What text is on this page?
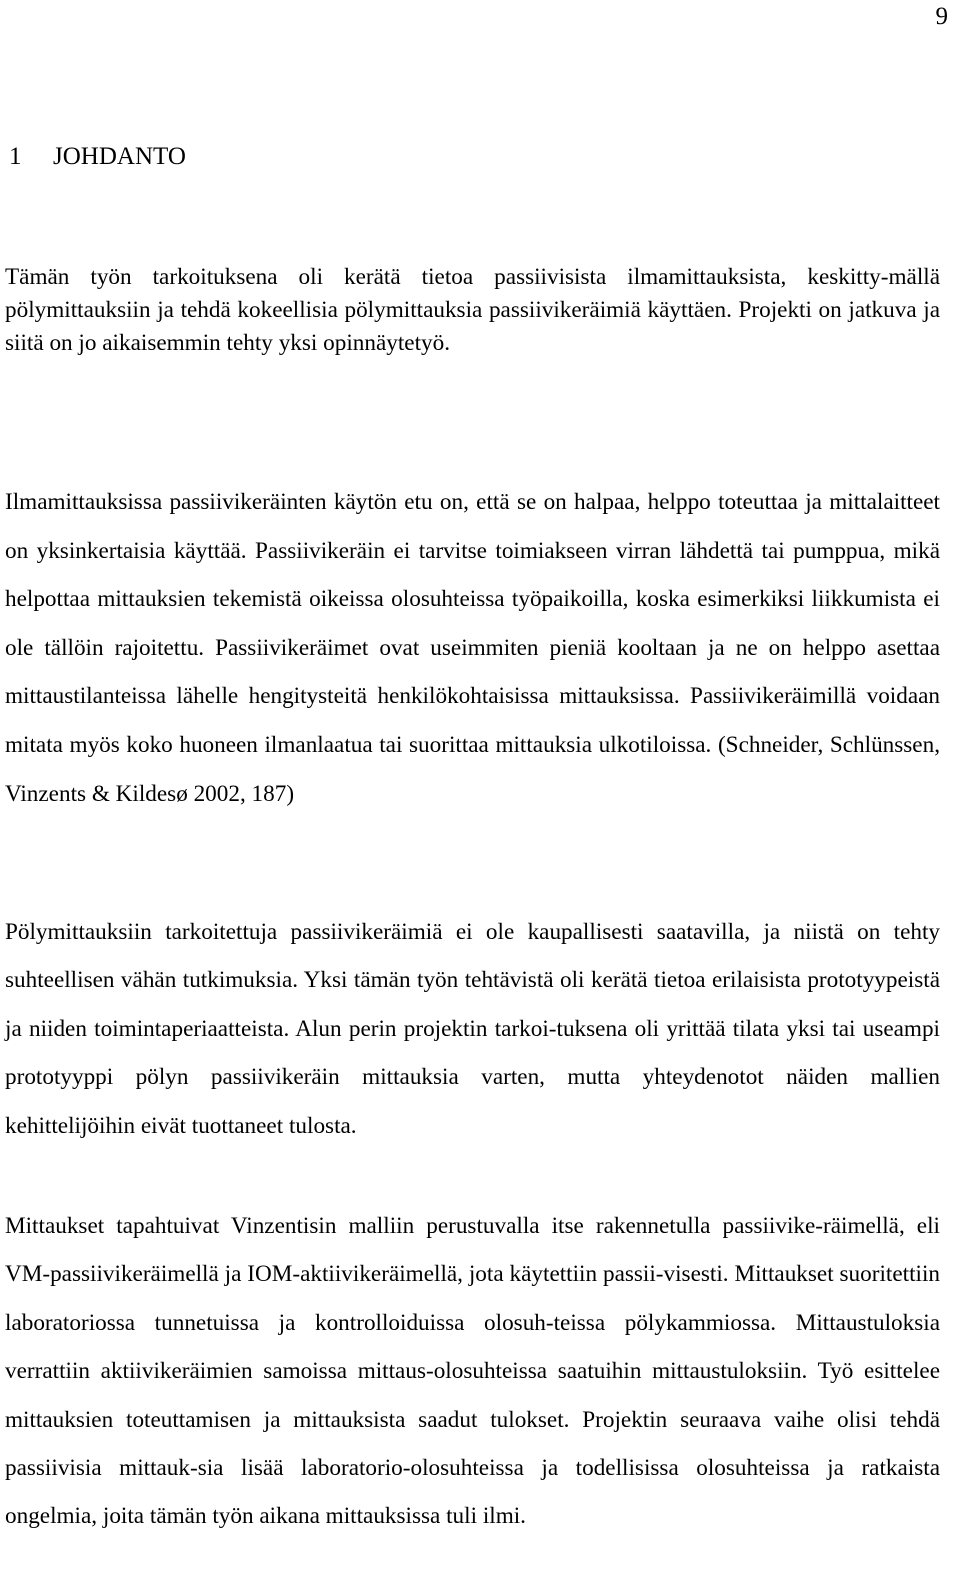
9
1 JOHDANTO

Tämän työn tarkoituksena oli kerätä tietoa passiivisista ilmamittauksista, keskitty-mällä pölymittauksiin ja tehdä kokeellisia pölymittauksia passiivikeräimiä käyttäen. Projekti on jatkuva ja siitä on jo aikaisemmin tehty yksi opinnäytetyö.

Ilmamittauksissa passiivikeräinten käytön etu on, että se on halpaa, helppo toteuttaa ja mittalaitteet on yksinkertaisia käyttää. Passiivikeräin ei tarvitse toimiakseen virran lähdettä tai pumppua, mikä helpottaa mittauksien tekemistä oikeissa olosuhteissa työpaikoilla, koska esimerkiksi liikkumista ei ole tällöin rajoitettu. Passiivikeräimet ovat useimmiten pieniä kooltaan ja ne on helppo asettaa mittaustilanteissa lähelle hengitysteitä henkilökohtaisissa mittauksissa. Passiivikeräimillä voidaan mitata myös koko huoneen ilmanlaatua tai suorittaa mittauksia ulkotiloissa. (Schneider, Schlünssen, Vinzents & Kildesø 2002, 187)

Pölymittauksiin tarkoitettuja passiivikeräimiä ei ole kaupallisesti saatavilla, ja niistä on tehty suhteellisen vähän tutkimuksia. Yksi tämän työn tehtävistä oli kerätä tietoa erilaisista prototyypeistä ja niiden toimintaperiaatteista. Alun perin projektin tarkoi-tuksena oli yrittää tilata yksi tai useampi prototyyppi pölyn passiivikeräin mittauksia varten, mutta yhteydenotot näiden mallien kehittelijöihin eivät tuottaneet tulosta.

Mittaukset tapahtuivat Vinzentisin malliin perustuvalla itse rakennetulla passiivike-räimellä, eli VM-passiivikeräimellä ja IOM-aktiivikeräimellä, jota käytettiin passii-visesti. Mittaukset suoritettiin laboratoriossa tunnetuissa ja kontrolloiduissa olosuh-teissa pölykammiossa. Mittaustuloksia verrattiin aktiivikeräimien samoissa mittaus-olosuhteissa saatuihin mittaustuloksiin. Työ esittelee mittauksien toteuttamisen ja mittauksista saadut tulokset. Projektin seuraava vaihe olisi tehdä passiivisia mittauk-sia lisää laboratorio-olosuhteissa ja todellisissa olosuhteissa ja ratkaista ongelmia, joita tämän työn aikana mittauksissa tuli ilmi.
